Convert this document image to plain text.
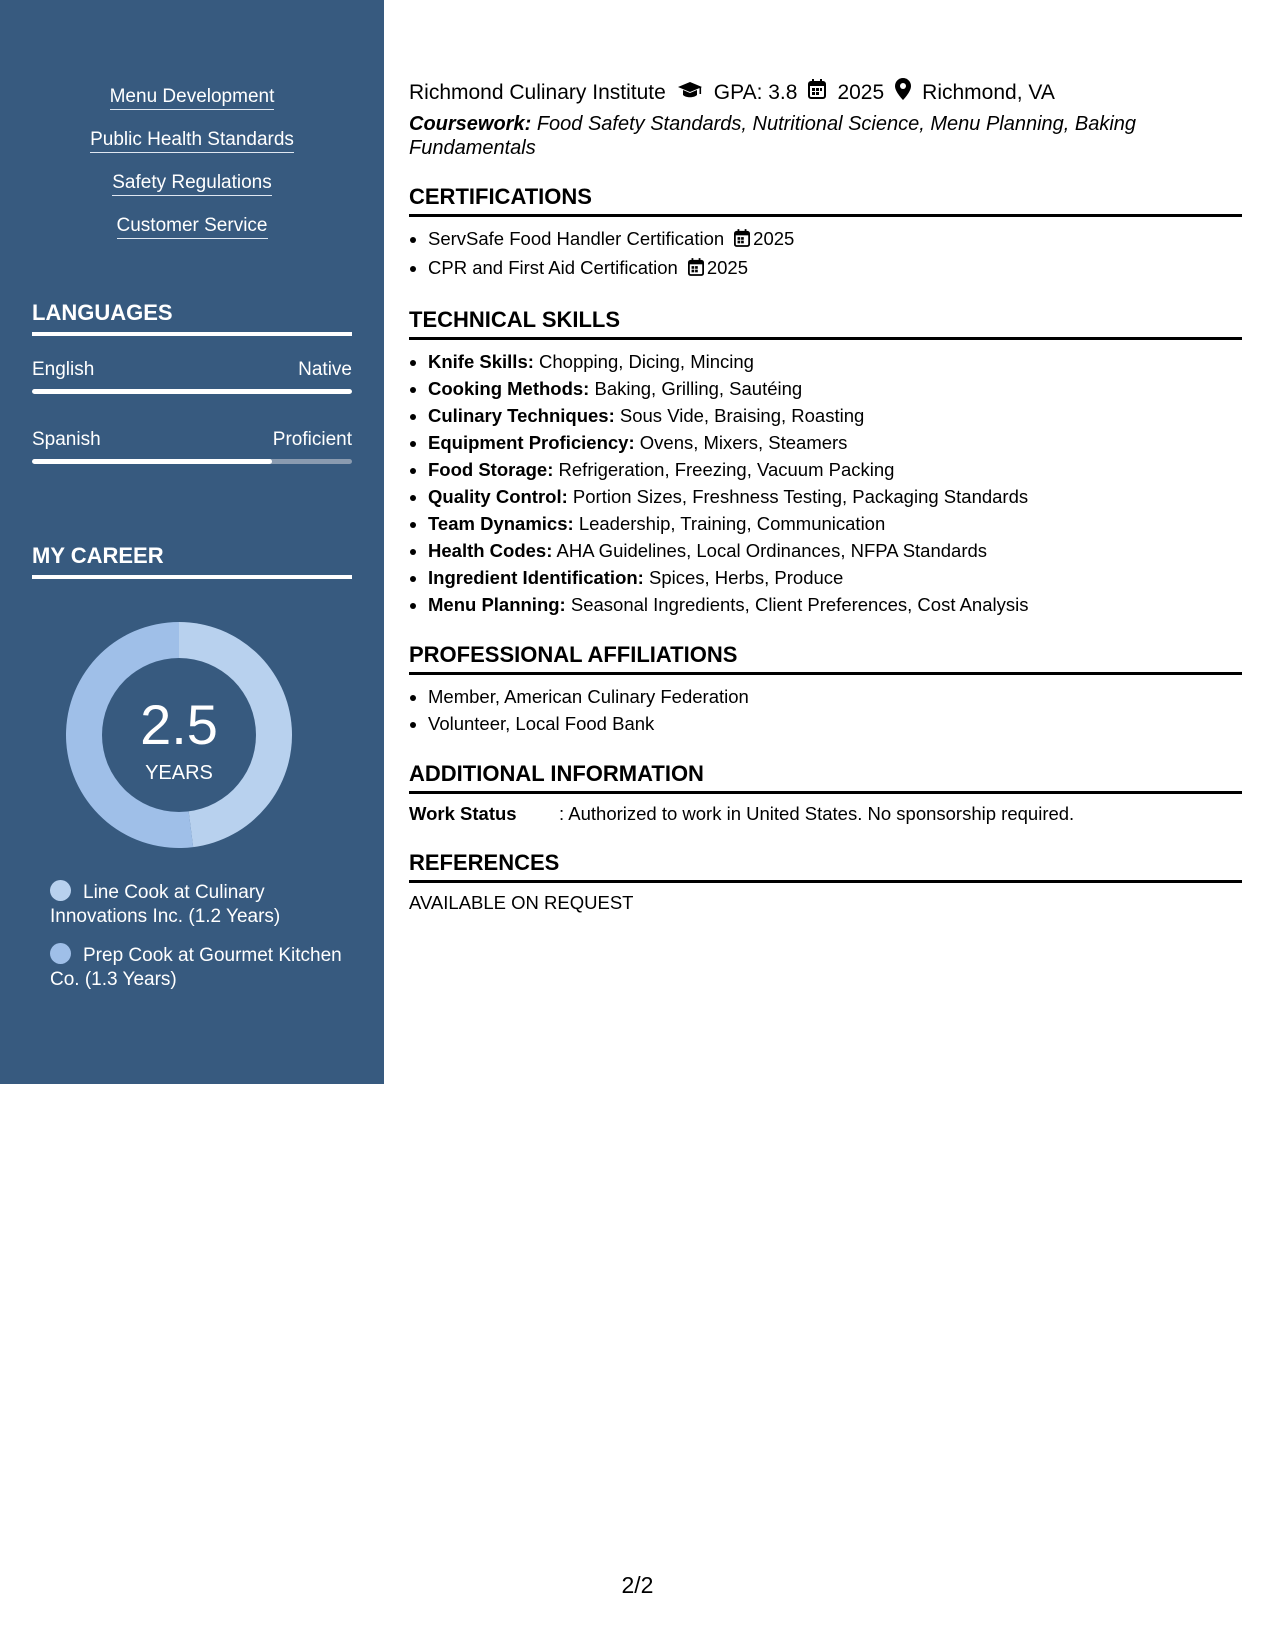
Menu Development
Public Health Standards
Safety Regulations
Customer Service
LANGUAGES
English	Native
Spanish	Proficient
MY CAREER
2.5
YEARS
Line Cook at Culinary Innovations Inc. (1.2 Years)
Prep Cook at Gourmet Kitchen Co. (1.3 Years)
Richmond Culinary Institute GPA: 3.8 2025 Richmond, VA
Coursework: Food Safety Standards, Nutritional Science, Menu Planning, Baking Fundamentals
CERTIFICATIONS
• ServSafe Food Handler Certification 2025
• CPR and First Aid Certification 2025
TECHNICAL SKILLS
• Knife Skills: Chopping, Dicing, Mincing
• Cooking Methods: Baking, Grilling, Sautéing
• Culinary Techniques: Sous Vide, Braising, Roasting
• Equipment Proficiency: Ovens, Mixers, Steamers
• Food Storage: Refrigeration, Freezing, Vacuum Packing
• Quality Control: Portion Sizes, Freshness Testing, Packaging Standards
• Team Dynamics: Leadership, Training, Communication
• Health Codes: AHA Guidelines, Local Ordinances, NFPA Standards
• Ingredient Identification: Spices, Herbs, Produce
• Menu Planning: Seasonal Ingredients, Client Preferences, Cost Analysis
PROFESSIONAL AFFILIATIONS
• Member, American Culinary Federation
• Volunteer, Local Food Bank
ADDITIONAL INFORMATION
Work Status	: Authorized to work in United States. No sponsorship required.
REFERENCES
AVAILABLE ON REQUEST
2/2
